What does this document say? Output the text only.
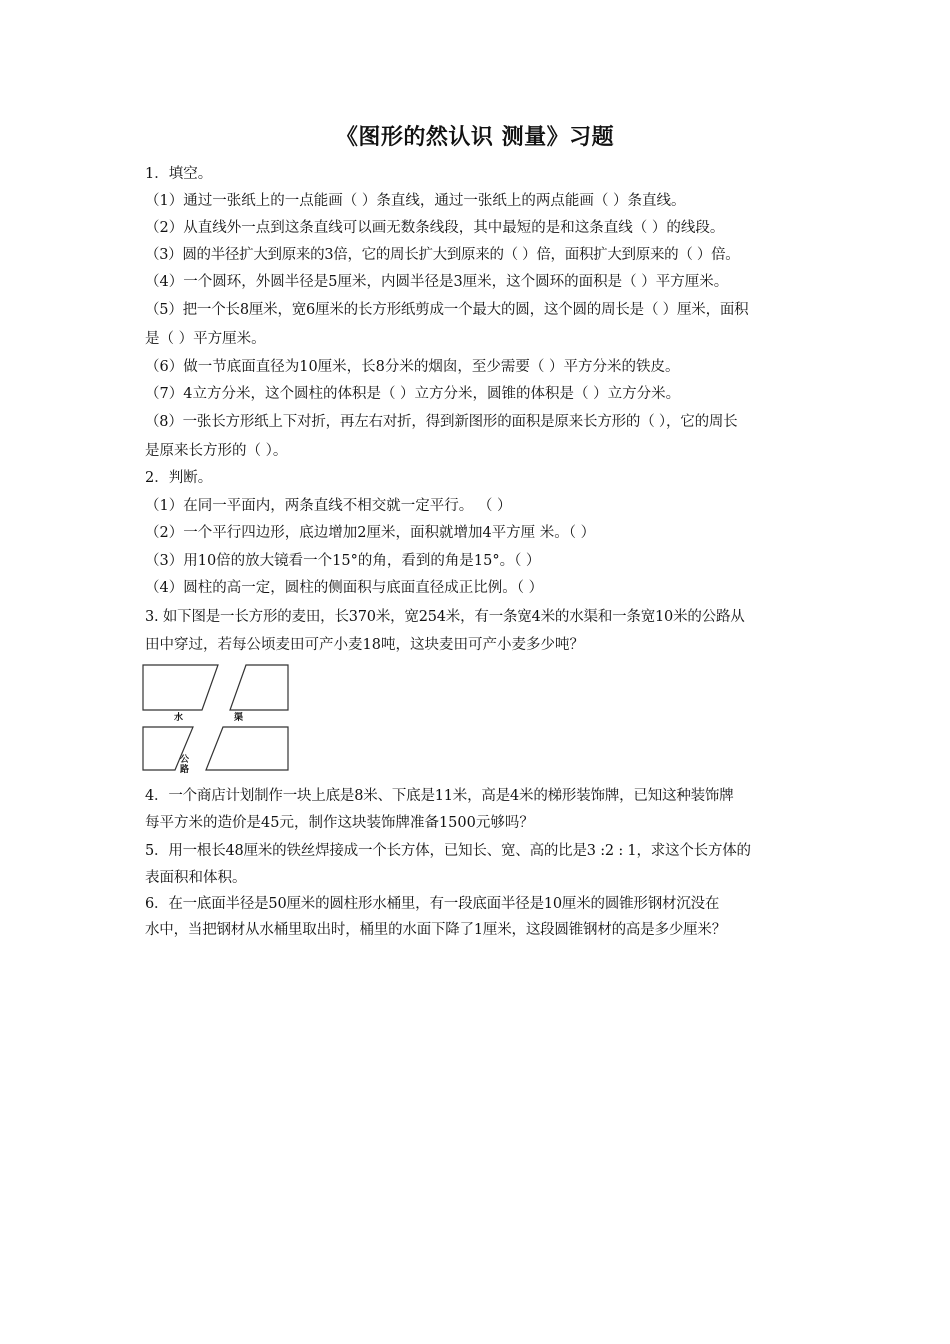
《图形的然认识 测量》习题
1．填空。
（1）通过一张纸上的一点能画（ ）条直线，通过一张纸上的两点能画（ ）条直线。
（2）从直线外一点到这条直线可以画无数条线段，其中最短的是和这条直线（ ）的线段。
（3）圆的半径扩大到原来的3倍，它的周长扩大到原来的（ ）倍，面积扩大到原来的（ ）倍。
（4）一个圆环，外圆半径是5厘米，内圆半径是3厘米，这个圆环的面积是（ ）平方厘米。
（5）把一个长8厘米，宽6厘米的长方形纸剪成一个最大的圆，这个圆的周长是（ ）厘米，面积
是（ ）平方厘米。
（6）做一节底面直径为10厘米，长8分米的烟囱，至少需要（ ）平方分米的铁皮。
（7）4立方分米，这个圆柱的体积是（ ）立方分米，圆锥的体积是（ ）立方分米。
（8）一张长方形纸上下对折，再左右对折，得到新图形的面积是原来长方形的（ ），它的周长
是原来长方形的（ ）。
2．判断。
（1）在同一平面内，两条直线不相交就一定平行。 （ ）
（2）一个平行四边形，底边增加2厘米，面积就增加4平方厘 米。（ ）
（3）用10倍的放大镜看一个15°的角，看到的角是15°。（ ）
（4）圆柱的高一定，圆柱的侧面积与底面直径成正比例。（ ）
3. 如下图是一长方形的麦田，长370米，宽254米，有一条宽4米的水渠和一条宽10米的公路从
田中穿过，若每公顷麦田可产小麦18吨，这块麦田可产小麦多少吨？
水	渠
公
路
4．一个商店计划制作一块上底是8米、下底是11米，高是4米的梯形装饰牌，已知这种装饰牌
每平方米的造价是45元，制作这块装饰牌准备1500元够吗？
5．用一根长48厘米的铁丝焊接成一个长方体，已知长、宽、高的比是3 :2 : 1，求这个长方体的
表面积和体积。
6．在一底面半径是50厘米的圆柱形水桶里，有一段底面半径是10厘米的圆锥形钢材沉没在
水中，当把钢材从水桶里取出时，桶里的水面下降了1厘米，这段圆锥钢材的高是多少厘米？
